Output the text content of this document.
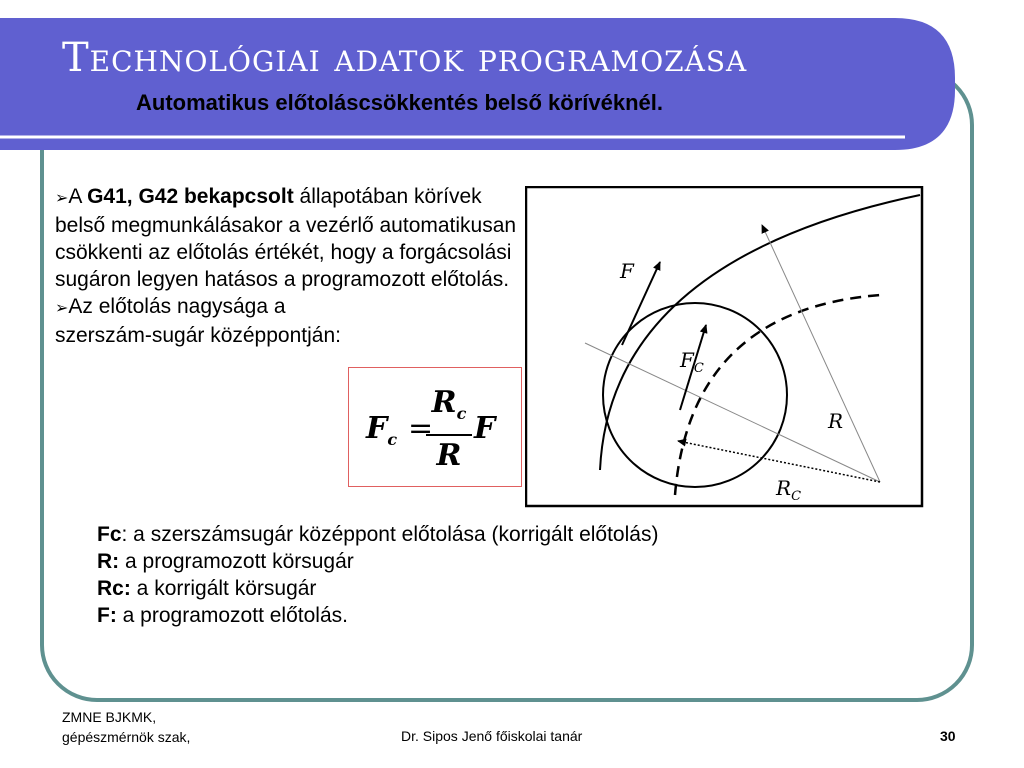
Technológiai adatok programozása
Automatikus előtoláscsökkentés belső körívéknél.

➢A G41, G42 bekapcsolt állapotában körívek belső megmunkálásakor a vezérlő automatikusan csökkenti az előtolás értékét, hogy a forgácsolási sugáron legyen hatásos a programozott előtolás.

➢Az előtolás nagysága a szerszám-sugár középpontján:

$F_c$ =
$\frac{R_c}{R}$ F
F
$F_C$
R
$R_C$

Fc: a szerszámsugár középpont előtolása (korrigált előtolás)

R: a programozott körsugár

Rc: a korrigált körsugár

F: a programozott előtolás.

ZMNE BJKMK,
gépészmérnök szak,	Dr. Sipos Jenő főiskolai tanár	30
